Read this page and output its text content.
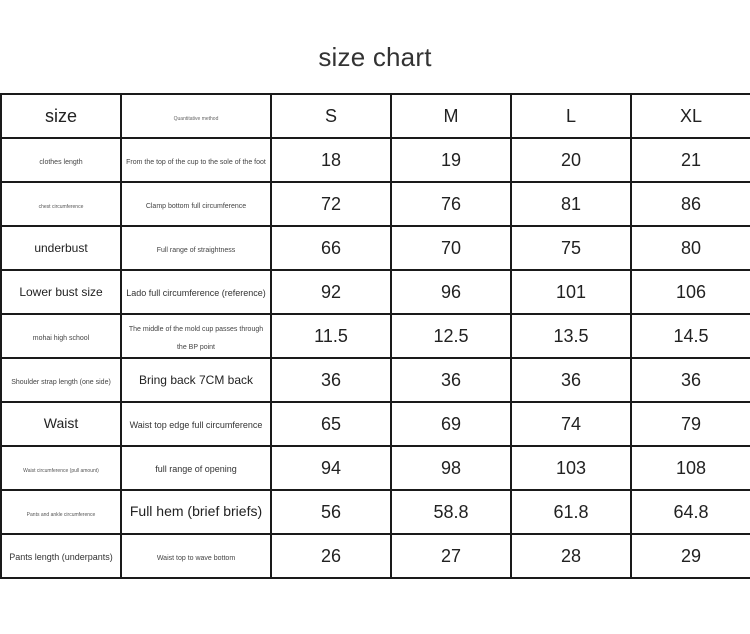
size chart
size	Quantitative method	S	M	L	XL
clothes length	From the top of the cup to the sole of the foot	18	19	20	21
chest circumference	Clamp bottom full circumference	72	76	81	86
underbust	Full range of straightness	66	70	75	80
Lower bust size	Lado full circumference (reference)	92	96	101	106
mohai high school	The middle of the mold cup passes through the BP point	11.5	12.5	13.5	14.5
Shoulder strap length (one side)	Bring back 7CM back	36	36	36	36
Waist	Waist top edge full circumference	65	69	74	79
Waist circumference (pull amount)	full range of opening	94	98	103	108
Pants and ankle circumference	Full hem (brief briefs)	56	58.8	61.8	64.8
Pants length (underpants)	Waist top to wave bottom	26	27	28	29
